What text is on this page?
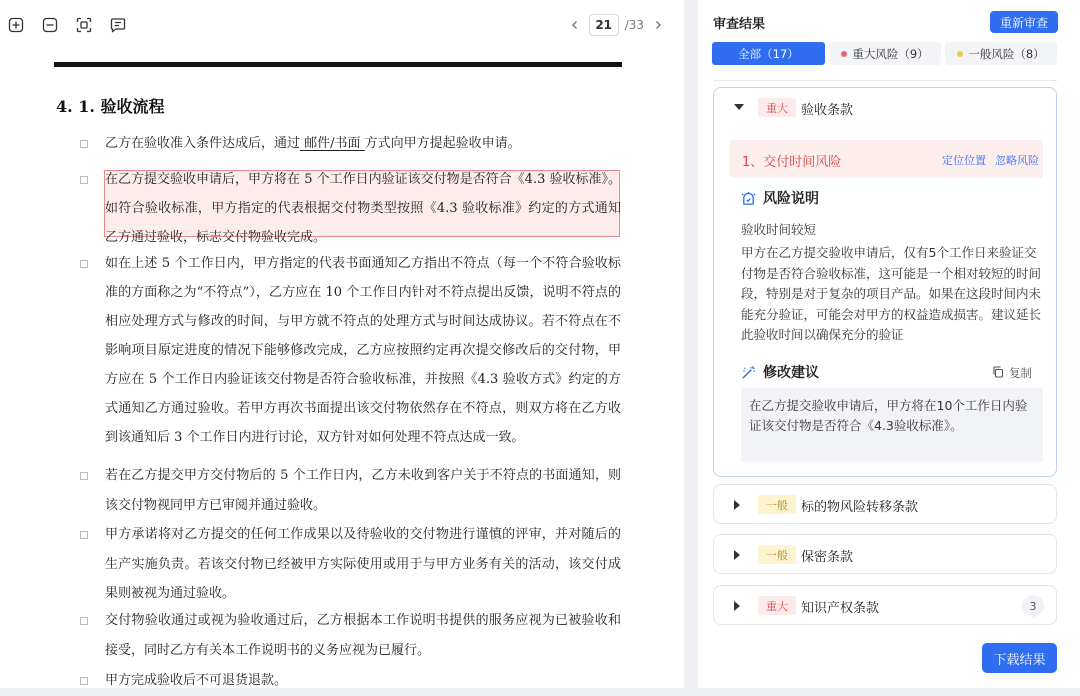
21	/33
4. 1. 验收流程
乙方在验收准入条件达成后，通过 邮件/书面 方式向甲方提起验收申请。
在乙方提交验收申请后，甲方将在 5 个工作日内验证该交付物是否符合《4.3 验收标准》。如符合验收标准，甲方指定的代表根据交付物类型按照《4.3 验收标准》约定的方式通知乙方通过验收，标志交付物验收完成。
如在上述 5 个工作日内，甲方指定的代表书面通知乙方指出不符点（每一个不符合验收标准的方面称之为“不符点”），乙方应在 10 个工作日内针对不符点提出反馈，说明不符点的相应处理方式与修改的时间，与甲方就不符点的处理方式与时间达成协议。若不符点在不影响项目原定进度的情况下能够修改完成，乙方应按照约定再次提交修改后的交付物，甲方应在 5 个工作日内验证该交付物是否符合验收标准，并按照《4.3 验收方式》约定的方式通知乙方通过验收。若甲方再次书面提出该交付物依然存在不符点，则双方将在乙方收到该通知后 3 个工作日内进行讨论，双方针对如何处理不符点达成一致。
若在乙方提交甲方交付物后的 5 个工作日内，乙方未收到客户关于不符点的书面通知，则该交付物视同甲方已审阅并通过验收。
甲方承诺将对乙方提交的任何工作成果以及待验收的交付物进行谨慎的评审，并对随后的生产实施负责。若该交付物已经被甲方实际使用或用于与甲方业务有关的活动，该交付成果则被视为通过验收。
交付物验收通过或视为验收通过后，乙方根据本工作说明书提供的服务应视为已被验收和接受，同时乙方有关本工作说明书的义务应视为已履行。
甲方完成验收后不可退货退款。
审查结果	重新审查
全部（17）	重大风险（9）	一般风险（8）
重大	验收条款
1、交付时间风险	定位位置 忽略风险
风险说明
验收时间较短
甲方在乙方提交验收申请后，仅有5个工作日来验证交付物是否符合验收标准，这可能是一个相对较短的时间段，特别是对于复杂的项目产品。如果在这段时间内未能充分验证，可能会对甲方的权益造成损害。建议延长此验收时间以确保充分的验证
修改建议	复制
在乙方提交验收申请后，甲方将在10个工作日内验证该交付物是否符合《4.3验收标准》。
一般	标的物风险转移条款
一般	保密条款
重大	知识产权条款	3
下载结果
